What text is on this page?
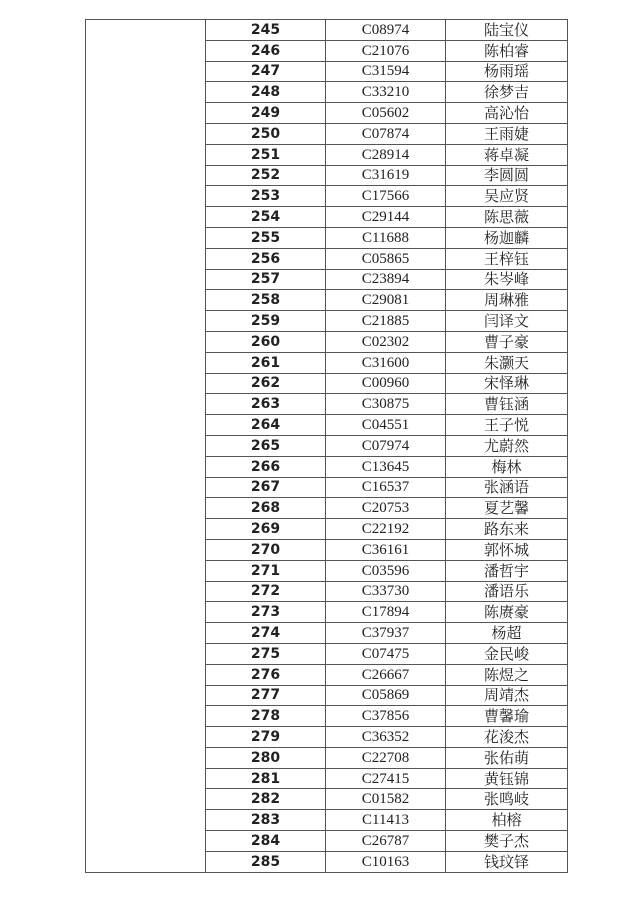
	245	C08974	陆宝仪
	246	C21076	陈柏睿
	247	C31594	杨雨瑶
	248	C33210	徐梦吉
	249	C05602	高沁怡
	250	C07874	王雨婕
	251	C28914	蒋卓凝
	252	C31619	李圆圆
	253	C17566	吴应贤
	254	C29144	陈思薇
	255	C11688	杨迦麟
	256	C05865	王梓钰
	257	C23894	朱岑峰
	258	C29081	周琳雅
	259	C21885	闫译文
	260	C02302	曹子豪
	261	C31600	朱灏天
	262	C00960	宋怿琳
	263	C30875	曹钰涵
	264	C04551	王子悦
	265	C07974	尤蔚然
	266	C13645	梅林
	267	C16537	张涵语
	268	C20753	夏艺馨
	269	C22192	路东来
	270	C36161	郭怀城
	271	C03596	潘哲宇
	272	C33730	潘语乐
	273	C17894	陈赓豪
	274	C37937	杨超
	275	C07475	金民峻
	276	C26667	陈煜之
	277	C05869	周靖杰
	278	C37856	曹馨瑜
	279	C36352	花浚杰
	280	C22708	张佑萌
	281	C27415	黄钰锦
	282	C01582	张鸣岐
	283	C11413	柏榕
	284	C26787	樊子杰
	285	C10163	钱玟铎
